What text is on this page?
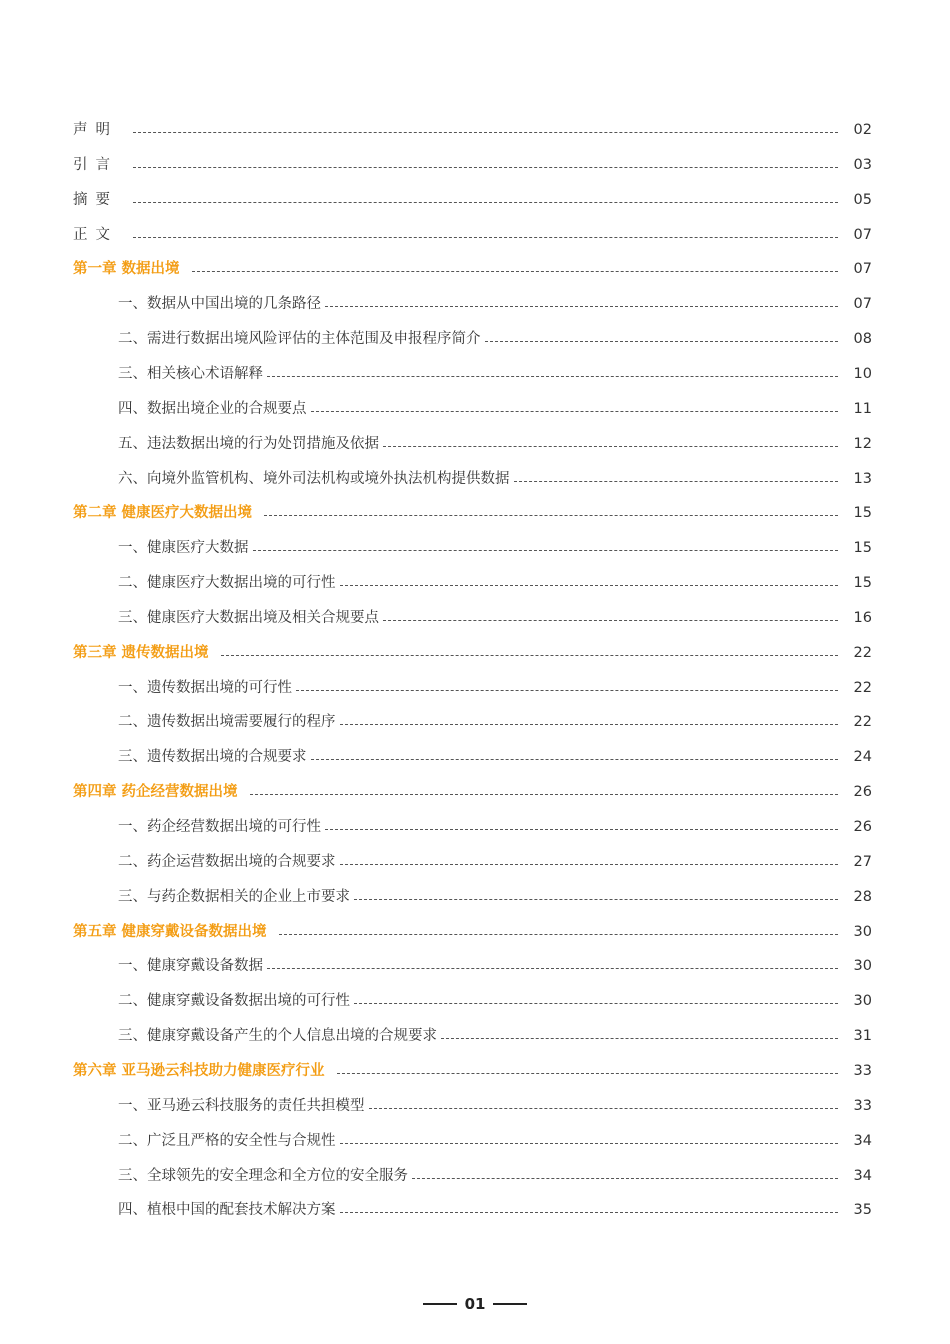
声明	02
引言	03
摘要	05
正文	07
第一章 数据出境	07
一、数据从中国出境的几条路径	07
二、需进行数据出境风险评估的主体范围及申报程序简介	08
三、相关核心术语解释	10
四、数据出境企业的合规要点	11
五、违法数据出境的行为处罚措施及依据	12
六、向境外监管机构、境外司法机构或境外执法机构提供数据	13
第二章 健康医疗大数据出境	15
一、健康医疗大数据	15
二、健康医疗大数据出境的可行性	15
三、健康医疗大数据出境及相关合规要点	16
第三章 遗传数据出境	22
一、遗传数据出境的可行性	22
二、遗传数据出境需要履行的程序	22
三、遗传数据出境的合规要求	24
第四章 药企经营数据出境	26
一、药企经营数据出境的可行性	26
二、药企运营数据出境的合规要求	27
三、与药企数据相关的企业上市要求	28
第五章 健康穿戴设备数据出境	30
一、健康穿戴设备数据	30
二、健康穿戴设备数据出境的可行性	30
三、健康穿戴设备产生的个人信息出境的合规要求	31
第六章 亚马逊云科技助力健康医疗行业	33
一、亚马逊云科技服务的责任共担模型	33
二、广泛且严格的安全性与合规性	34
三、全球领先的安全理念和全方位的安全服务	34
四、植根中国的配套技术解决方案	35
01
